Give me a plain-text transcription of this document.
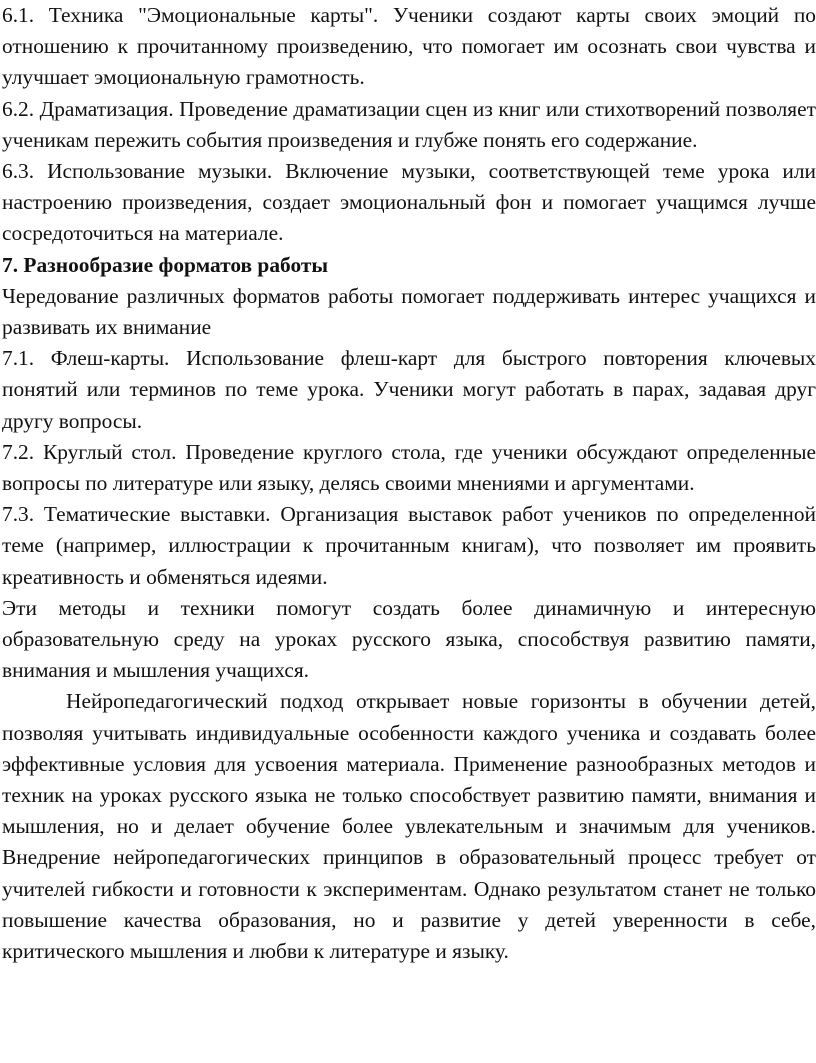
6.1. Техника "Эмоциональные карты". Ученики создают карты своих эмоций по отношению к прочитанному произведению, что помогает им осознать свои чувства и улучшает эмоциональную грамотность.

6.2. Драматизация. Проведение драматизации сцен из книг или стихотворений позволяет ученикам пережить события произведения и глубже понять его содержание.

6.3. Использование музыки. Включение музыки, соответствующей теме урока или настроению произведения, создает эмоциональный фон и помогает учащимся лучше сосредоточиться на материале.

7. Разнообразие форматов работы

Чередование различных форматов работы помогает поддерживать интерес учащихся и развивать их внимание

7.1. Флеш-карты. Использование флеш-карт для быстрого повторения ключевых понятий или терминов по теме урока. Ученики могут работать в парах, задавая друг другу вопросы.

7.2. Круглый стол. Проведение круглого стола, где ученики обсуждают определенные вопросы по литературе или языку, делясь своими мнениями и аргументами.

7.3. Тематические выставки. Организация выставок работ учеников по определенной теме (например, иллюстрации к прочитанным книгам), что позволяет им проявить креативность и обменяться идеями.

Эти методы и техники помогут создать более динамичную и интересную образовательную среду на уроках русского языка, способствуя развитию памяти, внимания и мышления учащихся.

Нейропедагогический подход открывает новые горизонты в обучении детей, позволяя учитывать индивидуальные особенности каждого ученика и создавать более эффективные условия для усвоения материала. Применение разнообразных методов и техник на уроках русского языка не только способствует развитию памяти, внимания и мышления, но и делает обучение более увлекательным и значимым для учеников. Внедрение нейропедагогических принципов в образовательный процесс требует от учителей гибкости и готовности к экспериментам. Однако результатом станет не только повышение качества образования, но и развитие у детей уверенности в себе, критического мышления и любви к литературе и языку.
